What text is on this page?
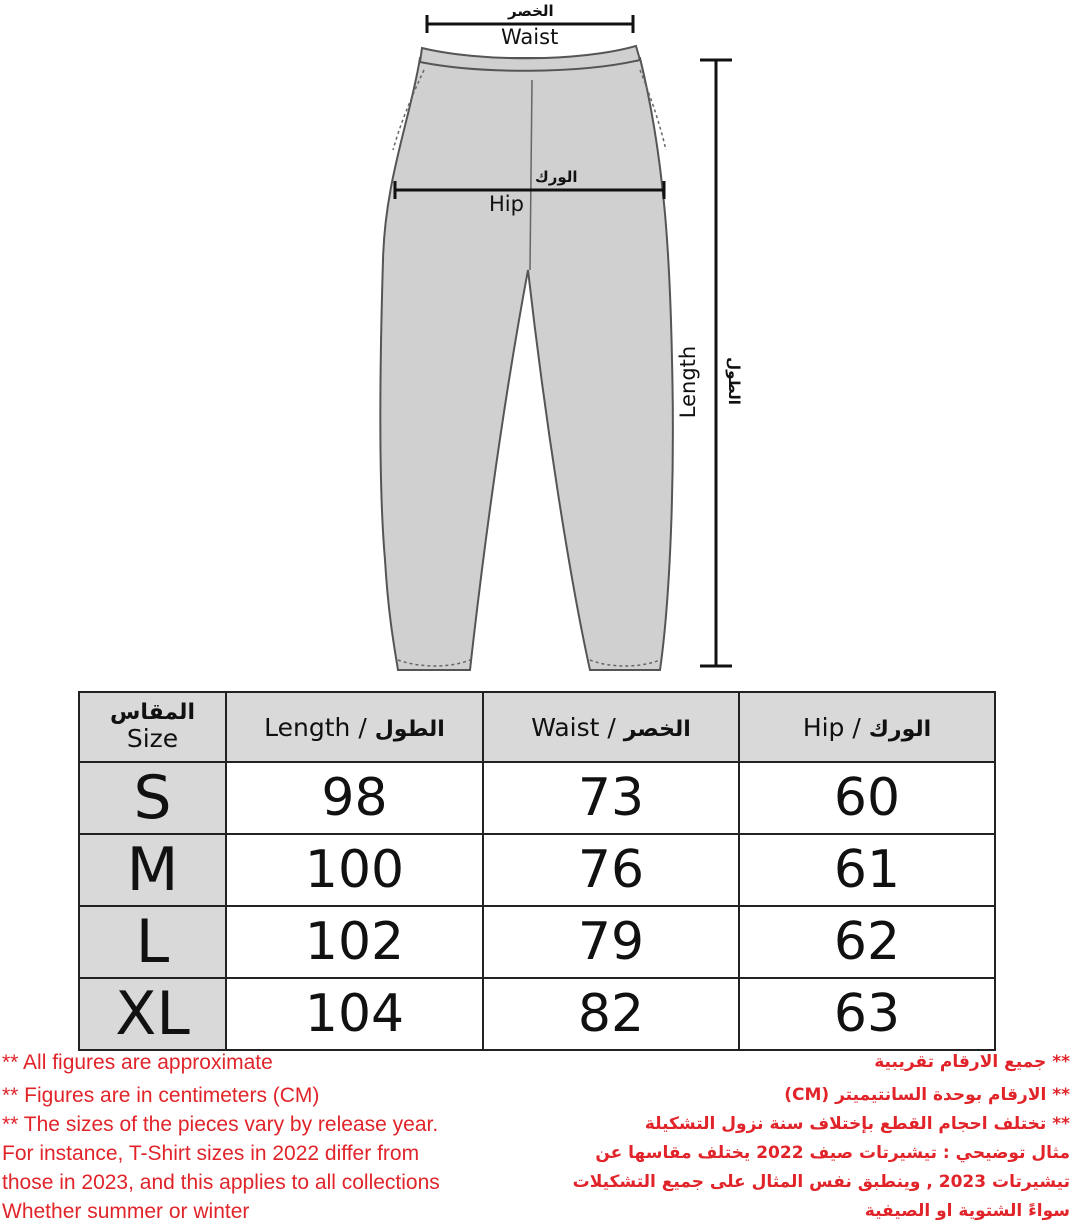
الخصر
Waist
الورك
Hip
Length الطول
المقاس
Size	Length / الطول	Waist / الخصر	Hip / الورك
S	98	73	60
M	100	76	61
L	102	79	62
XL	104	82	63
** All figures are approximate
** Figures are in centimeters (CM)
** The sizes of the pieces vary by release year.
For instance, T-Shirt sizes in 2022 differ from
those in 2023, and this applies to all collections
Whether summer or winter
** جميع الارقام تقريبية
** الارقام بوحدة السانتيميتر (CM)
** تختلف احجام القطع بإختلاف سنة نزول التشكيلة
مثال توضيحي : تيشيرتات صيف 2022 يختلف مقاسها عن
تيشيرتات 2023 , وينطبق نفس المثال على جميع التشكيلات
سواءً الشتوية او الصيفية
